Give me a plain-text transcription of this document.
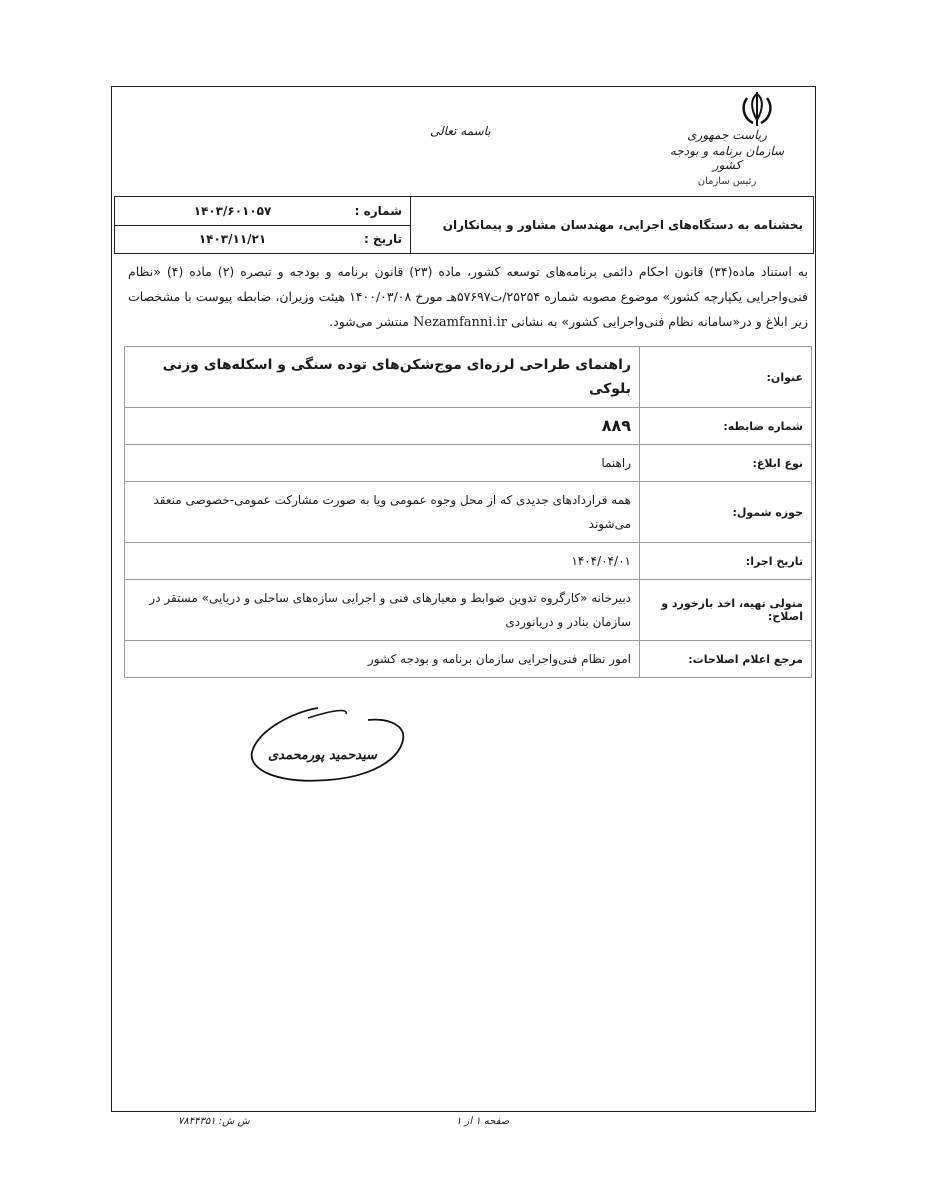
ریاست جمهوری
سازمان برنامه و بودجه کشور
رئیس سازمان
باسمه تعالی
شماره :
۱۴۰۳/۶۰۱۰۵۷
تاریخ :
۱۴۰۳/۱۱/۲۱
بخشنامه به دستگاه‌های اجرایی، مهندسان مشاور و پیمانکاران
به استناد ماده(۳۴) قانون احکام دائمی برنامه‌های توسعه کشور، ماده (۲۳) قانون برنامه و بودجه و تبصره (۲) ماده (۴) «نظام فنی‌واجرایی یکپارچه کشور» موضوع مصوبه شماره ۲۵۲۵۴/ت۵۷۶۹۷هـ مورخ ۱۴۰۰/۰۳/۰۸ هیئت وزیران، ضابطه پیوست با مشخصات زیر ابلاغ و در«سامانه نظام فنی‌واجرایی کشور» به نشانی Nezamfanni.ir منتشر می‌شود.
عنوان:	راهنمای طراحی لرزه‌ای موج‌شکن‌های توده سنگی و اسکله‌های وزنی بلوکی
شماره ضابطه:	۸۸۹
نوع ابلاغ:	راهنما
حوزه شمول:	همه قراردادهای جدیدی که از محل وجوه عمومی و‌یا به صورت مشارکت عمومی-خصوصی منعقد می‌شوند
تاریخ اجرا:	۱۴۰۴/۰۴/۰۱
متولی تهیه، اخذ بازخورد و اصلاح:	دبیرخانه «کارگروه تدوین ضوابط و معیارهای فنی و اجرایی سازه‌های ساحلی و دریایی» مستقر در سازمان بنادر و دریانوردی
مرجع اعلام اصلاحات:	امور نظام فنی‌واجرایی سازمان برنامه و بودجه کشور
سیدحمید پورمحمدی
ش ش: ۷۸۴۴۳۵۱	صفحه ۱ از ۱
